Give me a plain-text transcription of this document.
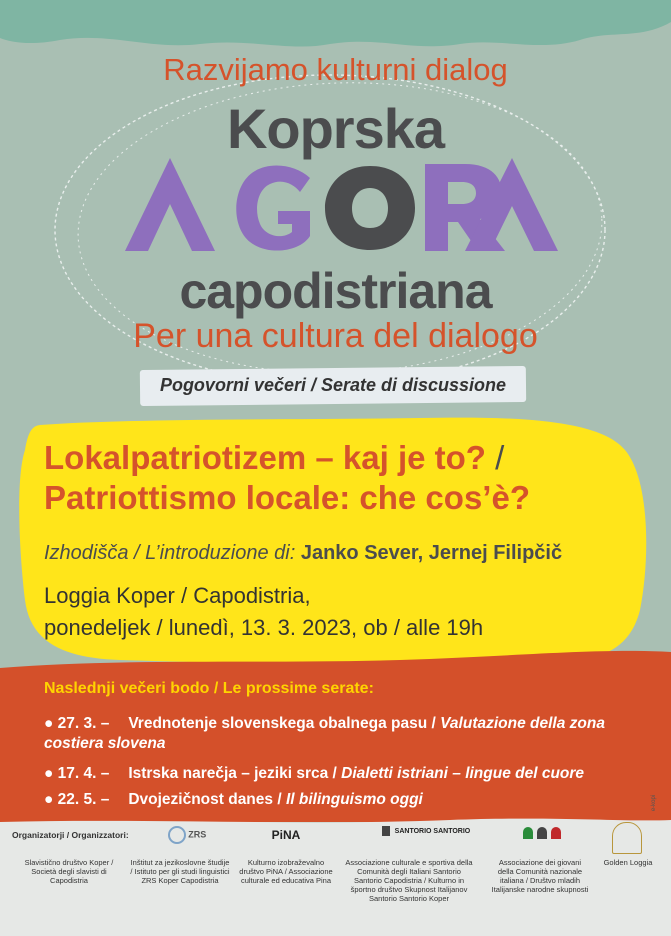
Razvijamo kulturni dialog
Koprska
capodistriana
Per una cultura del dialogo
Pogovorni večeri / Serate di discussione
Lokalpatriotizem – kaj je to? /
Patriottismo locale: che cos’è?
Izhodišča / L’introduzione di: Janko Sever, Jernej Filipčič
Loggia Koper / Capodistria,
ponedeljek / lunedì, 13. 3. 2023, ob / alle 19h
Naslednji večeri bodo / Le prossime serate:
● 27. 3. – Vrednotenje slovenskega obalnega pasu / Valutazione della zona costiera slovena
● 17. 4. – Istrska narečja – jeziki srca / Dialetti istriani – lingue del cuore
● 22. 5. – Dvojezičnost danes / Il bilinguismo oggi	e-kopi
Organizatorji / Organizzatori:	ZRS	PiNA	SANTORIO SANTORIO

Slavistično društvo Koper / Società degli slavisti di Capodistria
Inštitut za jezikoslovne študije / Istituto per gli studi linguistici ZRS Koper Capodistria
Kulturno izobraževalno društvo PiNA / Associazione culturale ed educativa Pina
Associazione culturale e sportiva della Comunità degli Italiani Santorio Santorio Capodistria / Kulturno in športno društvo Skupnost Italijanov Santorio Santorio Koper
Associazione dei giovani della Comunità nazionale italiana / Društvo mladih Italijanske narodne skupnosti
Golden Loggia
